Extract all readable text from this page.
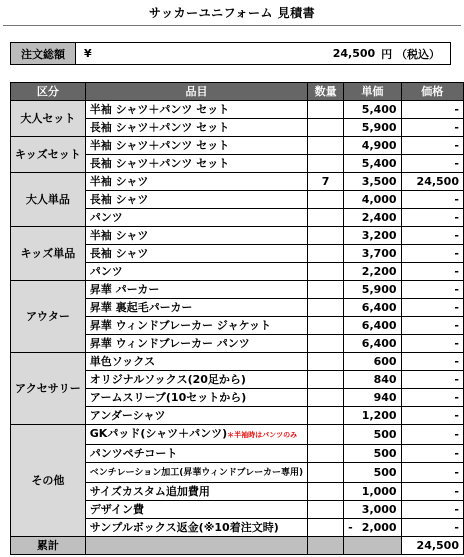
サッカーユニフォーム 見積書
注文総額	¥	24,500 円 （税込）
区分	品目	数量	単価	価格
大人セット	半袖 シャツ＋パンツ セット		5,400	-
	長袖 シャツ＋パンツ セット		5,900	-
キッズセット	半袖 シャツ＋パンツ セット		4,900	-
	長袖 シャツ＋パンツ セット		5,400	-
大人単品	半袖 シャツ	7	3,500	24,500
	長袖 シャツ		4,000	-
	パンツ		2,400	-
キッズ単品	半袖 シャツ		3,200	-
	長袖 シャツ		3,700	-
	パンツ		2,200	-
アウター	昇華 パーカー		5,900	-
	昇華 裏起毛パーカー		6,400	-
	昇華 ウィンドブレーカー ジャケット		6,400	-
	昇華 ウィンドブレーカー パンツ		6,400	-
アクセサリー	単色ソックス		600	-
	オリジナルソックス(20足から)		840	-
	アームスリーブ(10セットから)		940	-
	アンダーシャツ		1,200	-
その他	GKパッド(シャツ＋パンツ)＊半袖時はパンツのみ		500	-
	パンツペチコート		500	-
	ベンチレーション加工(昇華ウィンドブレーカー専用)		500	-
	サイズカスタム追加費用		1,000	-
	デザイン費		3,000	-
	サンプルボックス返金(※10着注文時)		- 2,000	-
累計				24,500
